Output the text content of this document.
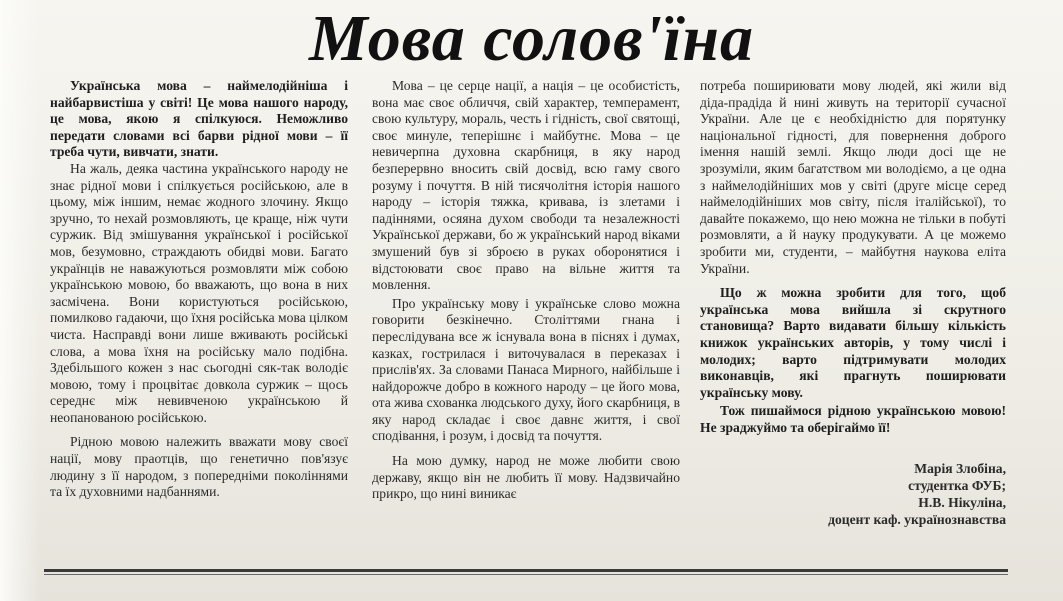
Мова солов'їна

Українська мова – наймелодійніша і найбарвистіша у світі! Це мова нашого народу, це мова, якою я спілкуюся. Неможливо передати словами всі барви рідної мови – її треба чути, вивчати, знати.

На жаль, деяка частина українського народу не знає рідної мови і спілкується російською, але в цьому, між іншим, немає жодного злочину. Якщо зручно, то нехай розмовляють, це краще, ніж чути суржик. Від змішування української і російської мов, безумовно, страждають обидві мови. Багато українців не наважуються розмовляти між собою українською мовою, бо вважають, що вона в них засмічена. Вони користуються російською, помилково гадаючи, що їхня російська мова цілком чиста. Насправді вони лише вживають російські слова, а мова їхня на російську мало подібна. Здебільшого кожен з нас сьогодні сяк-так володіє мовою, тому і процвітає довкола суржик – щось середнє між невивченою українською й неопанованою російською.

Рідною мовою належить вважати мову своєї нації, мову праотців, що генетично пов'язує людину з її народом, з попередніми поколіннями та їх духовними надбаннями.

Мова – це серце нації, а нація – це особистість, вона має своє обличчя, свій характер, темперамент, свою культуру, мораль, честь і гідність, свої святощі, своє минуле, теперішнє і майбутнє. Мова – це невичерпна духовна скарбниця, в яку народ безперервно вносить свій досвід, всю гаму свого розуму і почуття. В ній тисячолітня історія нашого народу – історія тяжка, кривава, із злетами і падіннями, осяяна духом свободи та незалежності Української держави, бо ж український народ віками змушений був зі зброєю в руках оборонятися і відстоювати своє право на вільне життя та мовлення.

Про українську мову і українське слово можна говорити безкінечно. Століттями гнана і переслідувана все ж існувала вона в піснях і думах, казках, гострилася і виточувалася в переказах і прислів'ях. За словами Панаса Мирного, найбільше і найдорожче добро в кожного народу – це його мова, ота жива схованка людського духу, його скарбниця, в яку народ складає і своє давнє життя, і свої сподівання, і розум, і досвід та почуття.

На мою думку, народ не може любити свою державу, якщо він не любить її мову. Надзвичайно прикро, що нині виникає

потреба пошириювати мову людей, які жили від діда-прадіда й нині живуть на території сучасної України. Але це є необхідністю для порятунку національної гідності, для повернення доброго імення нашій землі. Якщо люди досі ще не зрозуміли, яким багатством ми володіємо, а це одна з наймелодійніших мов у світі (друге місце серед наймелодійніших мов світу, після італійської), то давайте покажемо, що нею можна не тільки в побуті розмовляти, а й науку продукувати. А це можемо зробити ми, студенти, – майбутня наукова еліта України.

Що ж можна зробити для того, щоб українська мова вийшла зі скрутного становища? Варто видавати більшу кількість книжок українських авторів, у тому числі і молодих; варто підтримувати молодих виконавців, які прагнуть поширювати українську мову.

Тож пишаймося рідною українською мовою! Не зраджуймо та оберігаймо її!

Марія Злобіна,
студентка ФУБ;
Н.В. Нікуліна,
доцент каф. українознавства
